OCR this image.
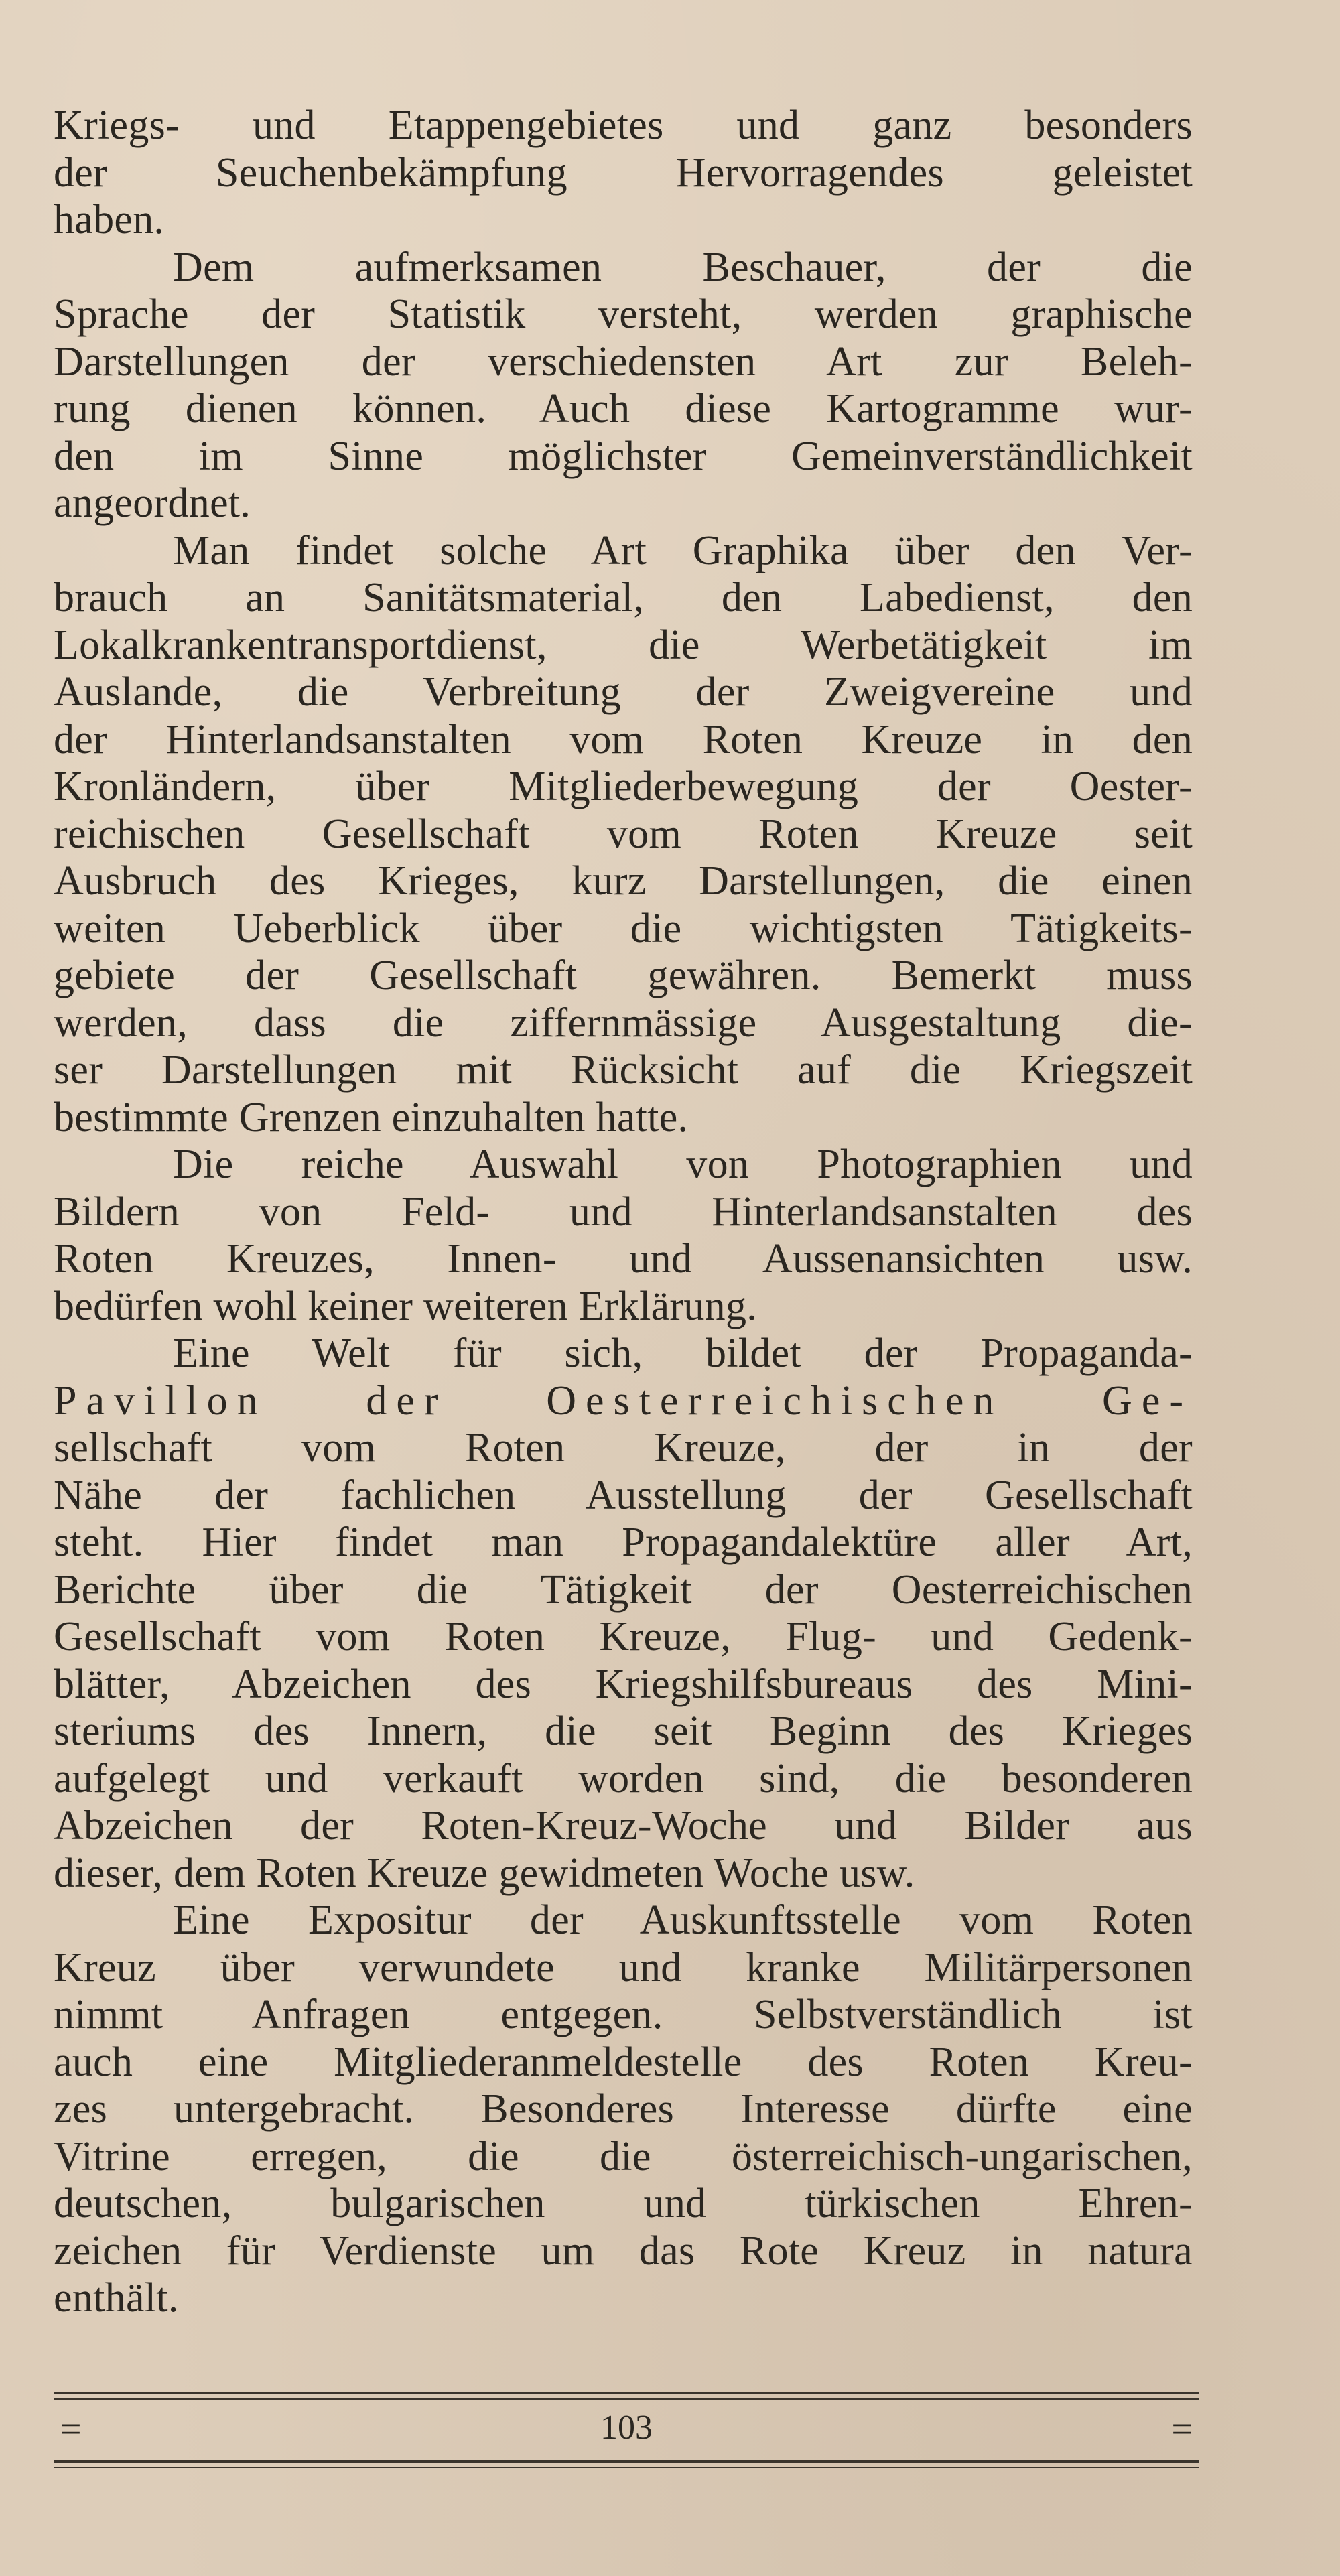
Kriegs- und Etappengebietes und ganz besonders
der Seuchenbekämpfung Hervorragendes geleistet
haben.
Dem aufmerksamen Beschauer, der die
Sprache der Statistik versteht, werden graphische
Darstellungen der verschiedensten Art zur Beleh-
rung dienen können. Auch diese Kartogramme wur-
den im Sinne möglichster Gemeinverständlichkeit
angeordnet.
Man findet solche Art Graphika über den Ver-
brauch an Sanitätsmaterial, den Labedienst, den
Lokalkrankentransportdienst, die Werbetätigkeit im
Auslande, die Verbreitung der Zweigvereine und
der Hinterlandsanstalten vom Roten Kreuze in den
Kronländern, über Mitgliederbewegung der Oester-
reichischen Gesellschaft vom Roten Kreuze seit
Ausbruch des Krieges, kurz Darstellungen, die einen
weiten Ueberblick über die wichtigsten Tätigkeits-
gebiete der Gesellschaft gewähren. Bemerkt muss
werden, dass die ziffernmässige Ausgestaltung die-
ser Darstellungen mit Rücksicht auf die Kriegszeit
bestimmte Grenzen einzuhalten hatte.
Die reiche Auswahl von Photographien und
Bildern von Feld- und Hinterlandsanstalten des
Roten Kreuzes, Innen- und Aussenansichten usw.
bedürfen wohl keiner weiteren Erklärung.
Eine Welt für sich, bildet der Propaganda-
Pavillon der Oesterreichischen Ge-
sellschaft vom Roten Kreuze, der in der
Nähe der fachlichen Ausstellung der Gesellschaft
steht. Hier findet man Propagandalektüre aller Art,
Berichte über die Tätigkeit der Oesterreichischen
Gesellschaft vom Roten Kreuze, Flug- und Gedenk-
blätter, Abzeichen des Kriegshilfsbureaus des Mini-
steriums des Innern, die seit Beginn des Krieges
aufgelegt und verkauft worden sind, die besonderen
Abzeichen der Roten-Kreuz-Woche und Bilder aus
dieser, dem Roten Kreuze gewidmeten Woche usw.
Eine Expositur der Auskunftsstelle vom Roten
Kreuz über verwundete und kranke Militärpersonen
nimmt Anfragen entgegen. Selbstverständlich ist
auch eine Mitgliederanmeldestelle des Roten Kreu-
zes untergebracht. Besonderes Interesse dürfte eine
Vitrine erregen, die die österreichisch-ungarischen,
deutschen, bulgarischen und türkischen Ehren-
zeichen für Verdienste um das Rote Kreuz in natura
enthält.
=	103	=
